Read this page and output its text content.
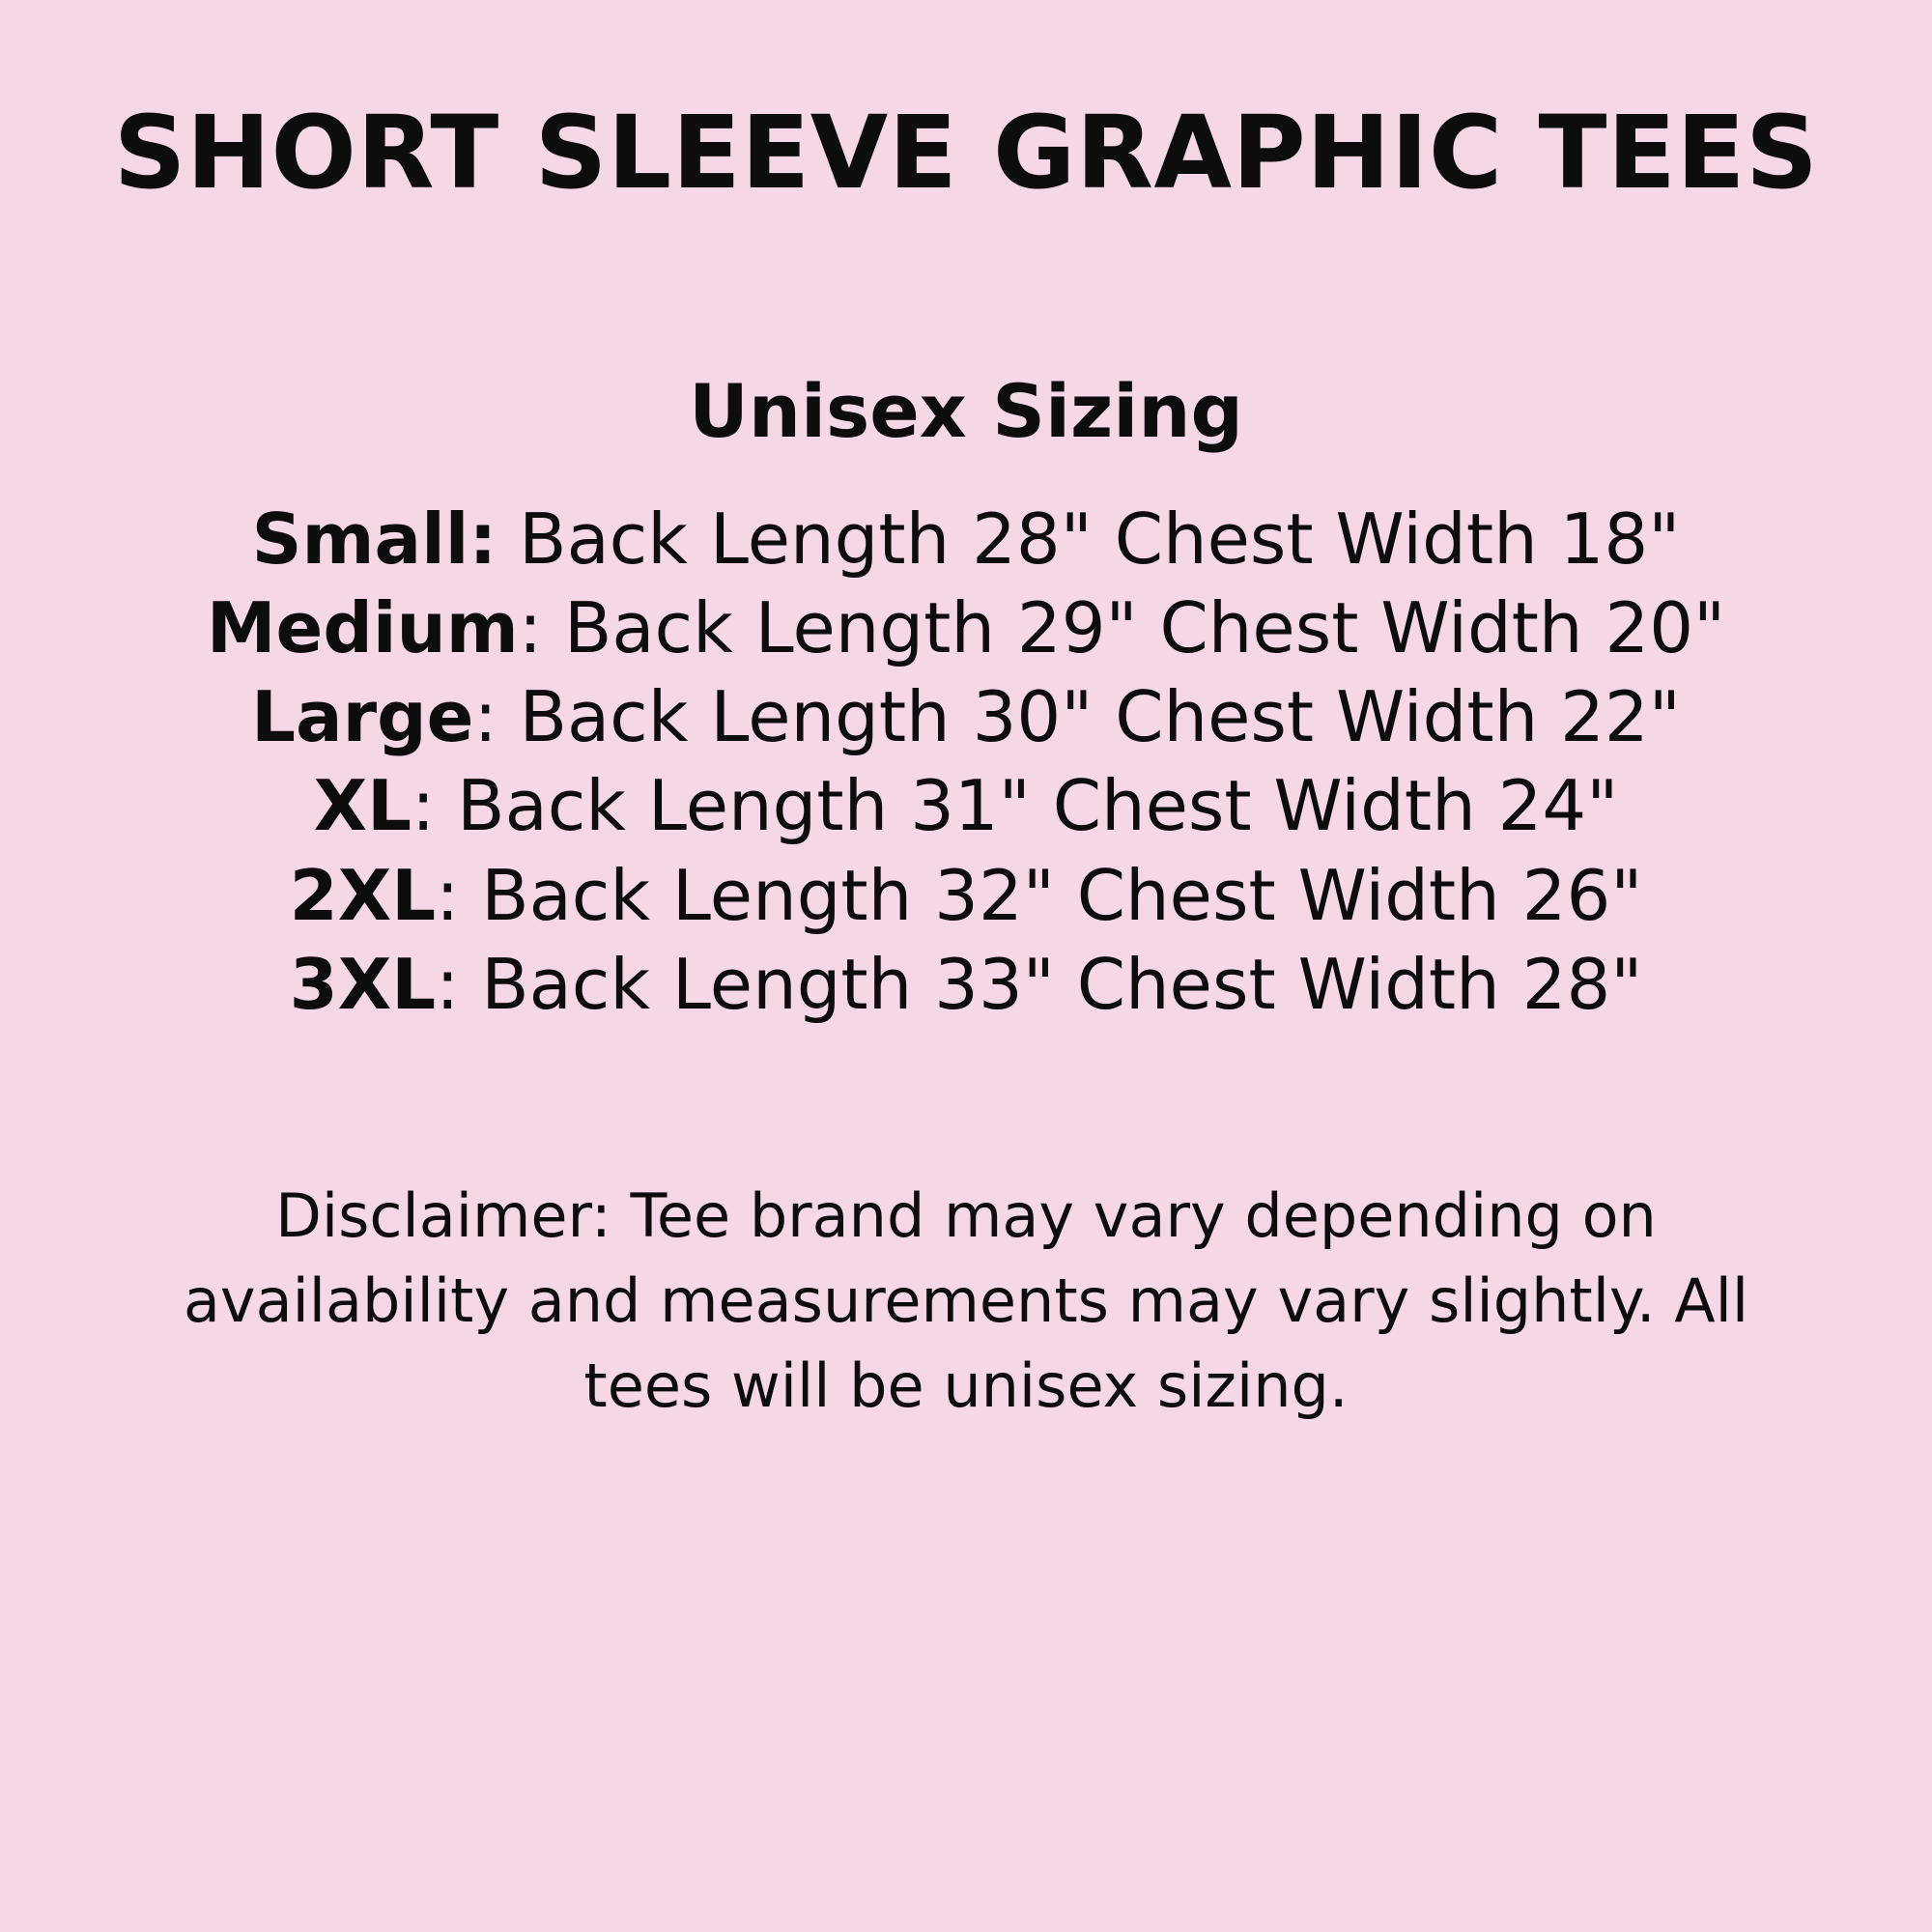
SHORT SLEEVE GRAPHIC TEES
Unisex Sizing
Small: Back Length 28" Chest Width 18"
Medium: Back Length 29" Chest Width 20"
Large: Back Length 30" Chest Width 22"
XL: Back Length 31" Chest Width 24"
2XL: Back Length 32" Chest Width 26"
3XL: Back Length 33" Chest Width 28"
Disclaimer: Tee brand may vary depending on availability and measurements may vary slightly. All tees will be unisex sizing.
